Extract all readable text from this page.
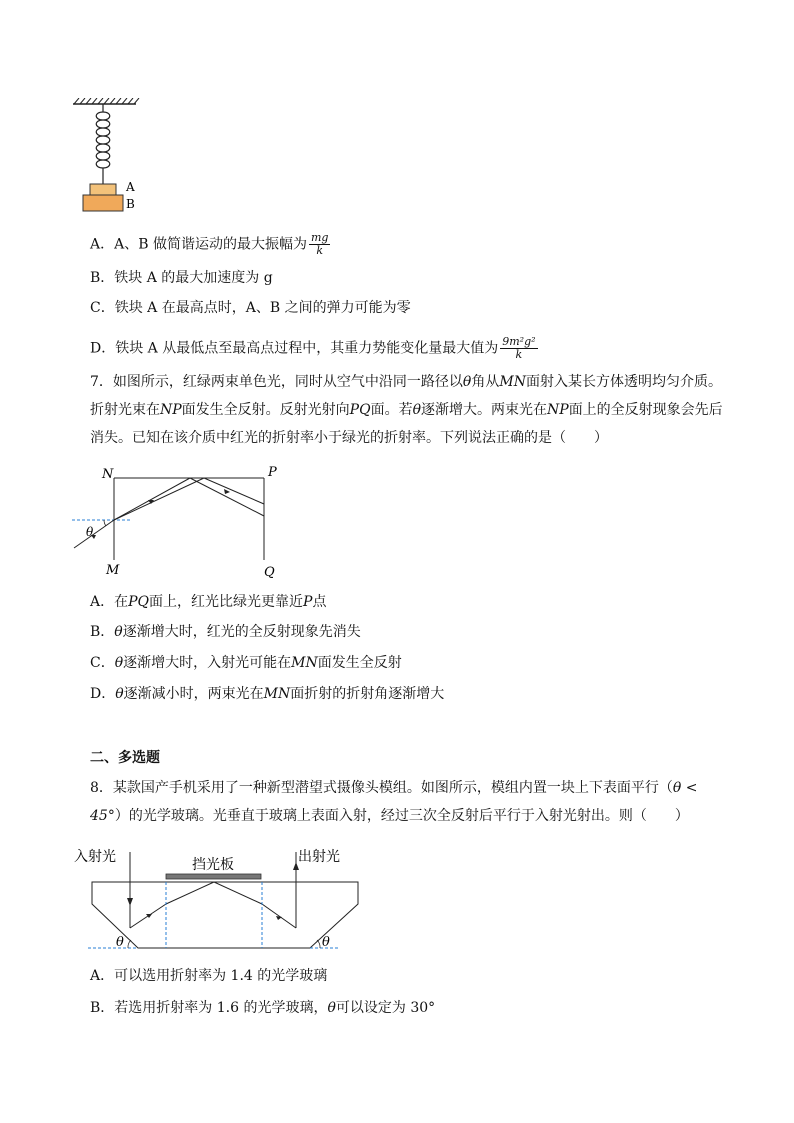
A
B
A．A、B 做简谐运动的最大振幅为 $\frac{mg}{k}$
B．铁块 A 的最大加速度为 g
C．铁块 A 在最高点时，A、B 之间的弹力可能为零
D．铁块 A 从最低点至最高点过程中，其重力势能变化量最大值为 $\frac{\text{9m²g²}}{k}$
7．如图所示，红绿两束单色光，同时从空气中沿同一路径以θ角从MN面射入某长方体透明均匀介质。折射光束在NP面发生全反射。反射光射向PQ面。若θ逐渐增大。两束光在NP面上的全反射现象会先后消失。已知在该介质中红光的折射率小于绿光的折射率。下列说法正确的是（　　）
N	P
M	Q
θ
A．在PQ面上，红光比绿光更靠近P点
B．θ逐渐增大时，红光的全反射现象先消失
C．θ逐渐增大时，入射光可能在MN面发生全反射
D．θ逐渐减小时，两束光在MN面折射的折射角逐渐增大
二、多选题
8．某款国产手机采用了一种新型潜望式摄像头模组。如图所示，模组内置一块上下表面平行（θ < 45°）的光学玻璃。光垂直于玻璃上表面入射，经过三次全反射后平行于入射光射出。则（　　）
入射光	挡光板	出射光
θ	θ
A．可以选用折射率为 1.4 的光学玻璃
B．若选用折射率为 1.6 的光学玻璃，θ可以设定为 30°
